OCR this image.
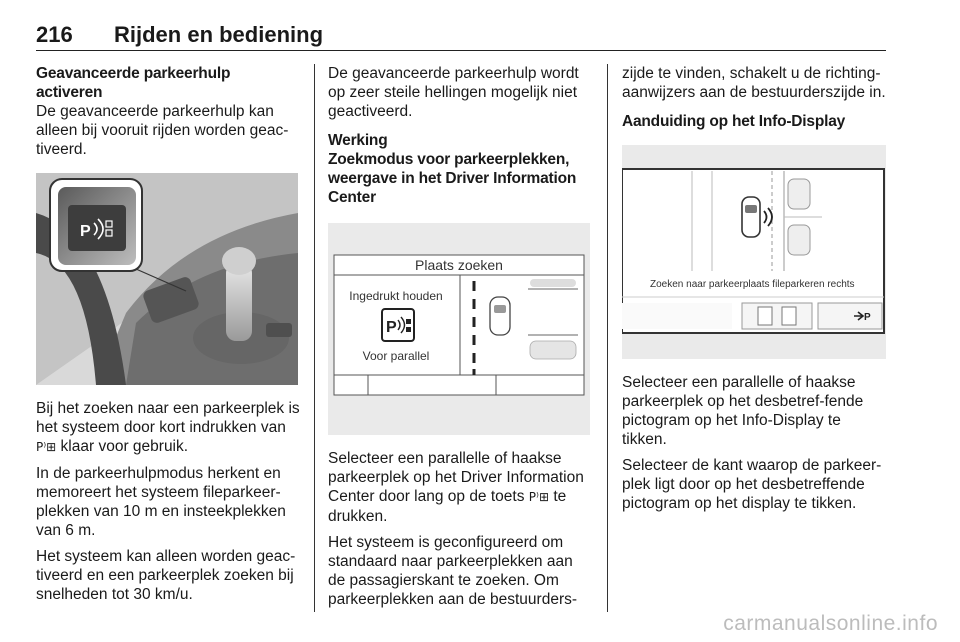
216 Rijden en bediening
Geavanceerde parkeerhulp activeren

De geavanceerde parkeerhulp kan alleen bij vooruit rijden worden geac-tiveerd.

P

Bij het zoeken naar een parkeerplek is het systeem door kort indrukken van P⁾⊞ klaar voor gebruik.

In de parkeerhulpmodus herkent en memoreert het systeem fileparkeer-plekken van 10 m en insteekplekken van 6 m.

Het systeem kan alleen worden geac-tiveerd en een parkeerplek zoeken bij snelheden tot 30 km/u.

De geavanceerde parkeerhulp wordt op zeer steile hellingen mogelijk niet geactiveerd.

Werking
Zoekmodus voor parkeerplekken, weergave in het Driver Information Center
Plaats zoeken
Ingedrukt houden
P
Voor parallel

Selecteer een parallelle of haakse parkeerplek op het Driver Information Center door lang op de toets P⁾⊞ te drukken.

Het systeem is geconfigureerd om standaard naar parkeerplekken aan de passagierskant te zoeken. Om parkeerplekken aan de bestuurders-

zijde te vinden, schakelt u de richting-aanwijzers aan de bestuurderszijde in.

Aanduiding op het Info-Display
Zoeken naar parkeerplaats fileparkeren rechts
P

Selecteer een parallelle of haakse parkeerplek op het desbetref-fende pictogram op het Info-Display te tikken.

Selecteer de kant waarop de parkeer-plek ligt door op het desbetreffende pictogram op het display te tikken.

carmanualsonline.info
